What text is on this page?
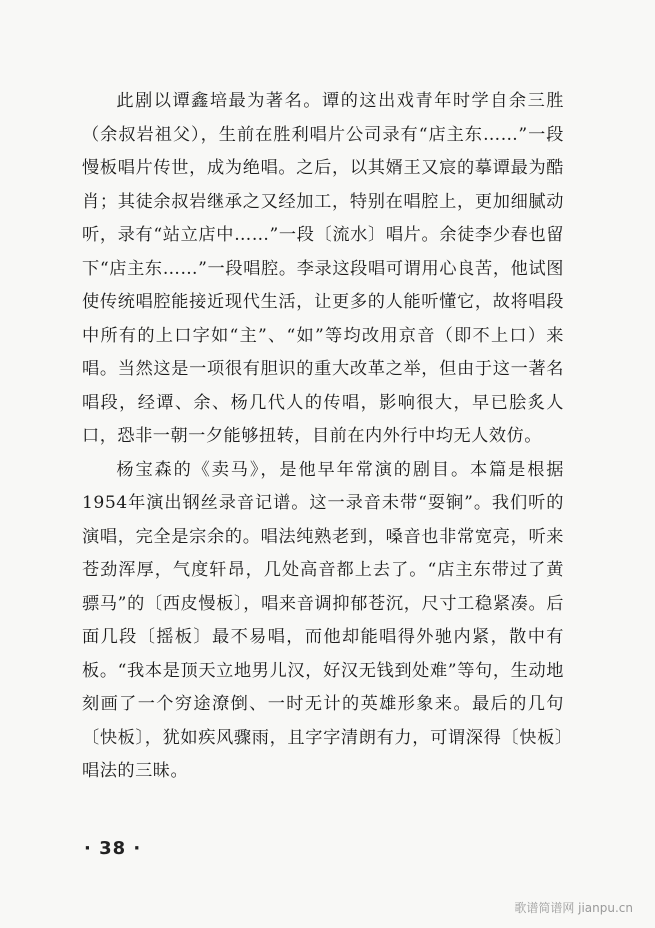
此剧以谭鑫培最为著名。谭的这出戏青年时学自余三胜（余叔岩祖父），生前在胜利唱片公司录有“店主东……”一段慢板唱片传世，成为绝唱。之后，以其婿王又宸的摹谭最为酷肖；其徒余叔岩继承之又经加工，特别在唱腔上，更加细腻动听，录有“站立店中……”一段〔流水〕唱片。余徒李少春也留下“店主东……”一段唱腔。李录这段唱可谓用心良苦，他试图使传统唱腔能接近现代生活，让更多的人能听懂它，故将唱段中所有的上口字如“主”、“如”等均改用京音（即不上口）来唱。当然这是一项很有胆识的重大改革之举，但由于这一著名唱段，经谭、余、杨几代人的传唱，影响很大，早已脍炙人口，恐非一朝一夕能够扭转，目前在内外行中均无人效仿。

杨宝森的《卖马》，是他早年常演的剧目。本篇是根据1954年演出钢丝录音记谱。这一录音未带“耍锏”。我们听的演唱，完全是宗余的。唱法纯熟老到，嗓音也非常宽亮，听来苍劲浑厚，气度轩昂，几处高音都上去了。“店主东带过了黄骠马”的〔西皮慢板〕，唱来音调抑郁苍沉，尺寸工稳紧凑。后面几段〔摇板〕最不易唱，而他却能唱得外驰内紧，散中有板。“我本是顶天立地男儿汉，好汉无钱到处难”等句，生动地刻画了一个穷途潦倒、一时无计的英雄形象来。最后的几句〔快板〕，犹如疾风骤雨，且字字清朗有力，可谓深得〔快板〕唱法的三昧。

· 38 ·
歌谱简谱网 jianpu.cn
